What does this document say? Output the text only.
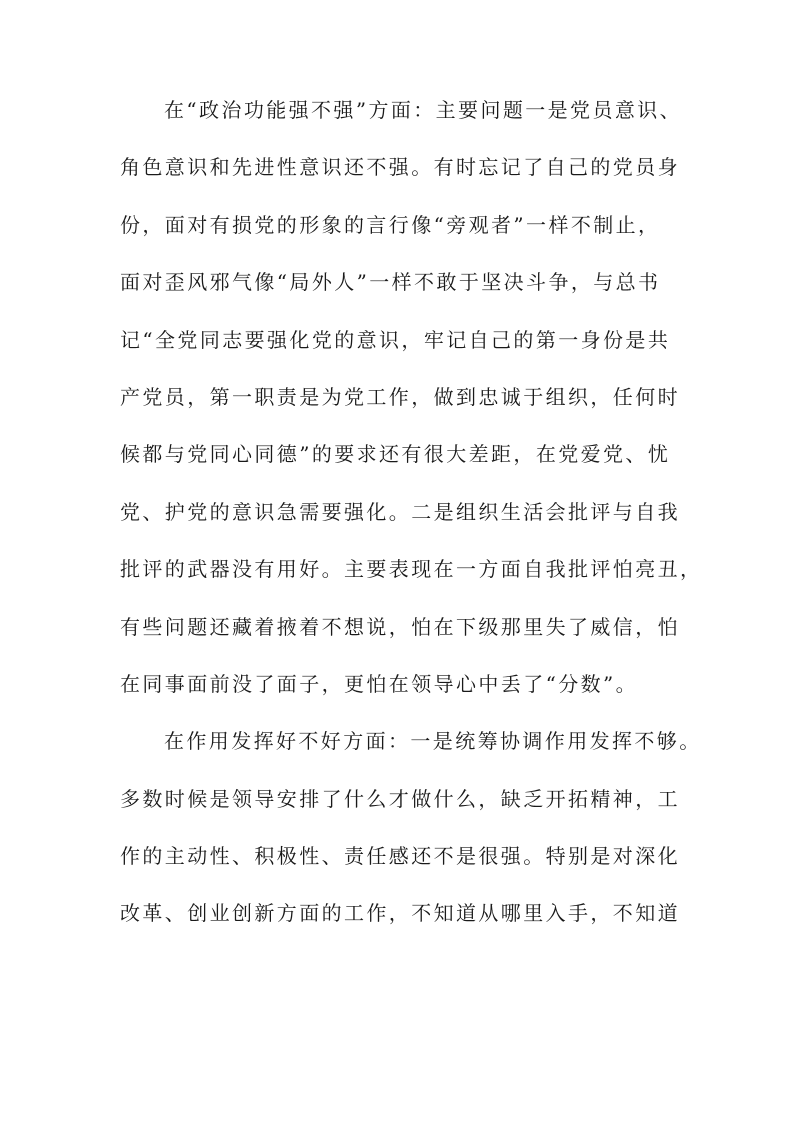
在“政治功能强不强”方面：主要问题一是党员意识、
角色意识和先进性意识还不强。有时忘记了自己的党员身
份，面对有损党的形象的言行像“旁观者”一样不制止，
面对歪风邪气像“局外人”一样不敢于坚决斗争，与总书
记“全党同志要强化党的意识，牢记自己的第一身份是共
产党员，第一职责是为党工作，做到忠诚于组织，任何时
候都与党同心同德”的要求还有很大差距，在党爱党、忧
党、护党的意识急需要强化。二是组织生活会批评与自我
批评的武器没有用好。主要表现在一方面自我批评怕亮丑，
有些问题还藏着掖着不想说，怕在下级那里失了威信，怕
在同事面前没了面子，更怕在领导心中丢了“分数”。
在作用发挥好不好方面：一是统筹协调作用发挥不够。
多数时候是领导安排了什么才做什么，缺乏开拓精神，工
作的主动性、积极性、责任感还不是很强。特别是对深化
改革、创业创新方面的工作，不知道从哪里入手，不知道
